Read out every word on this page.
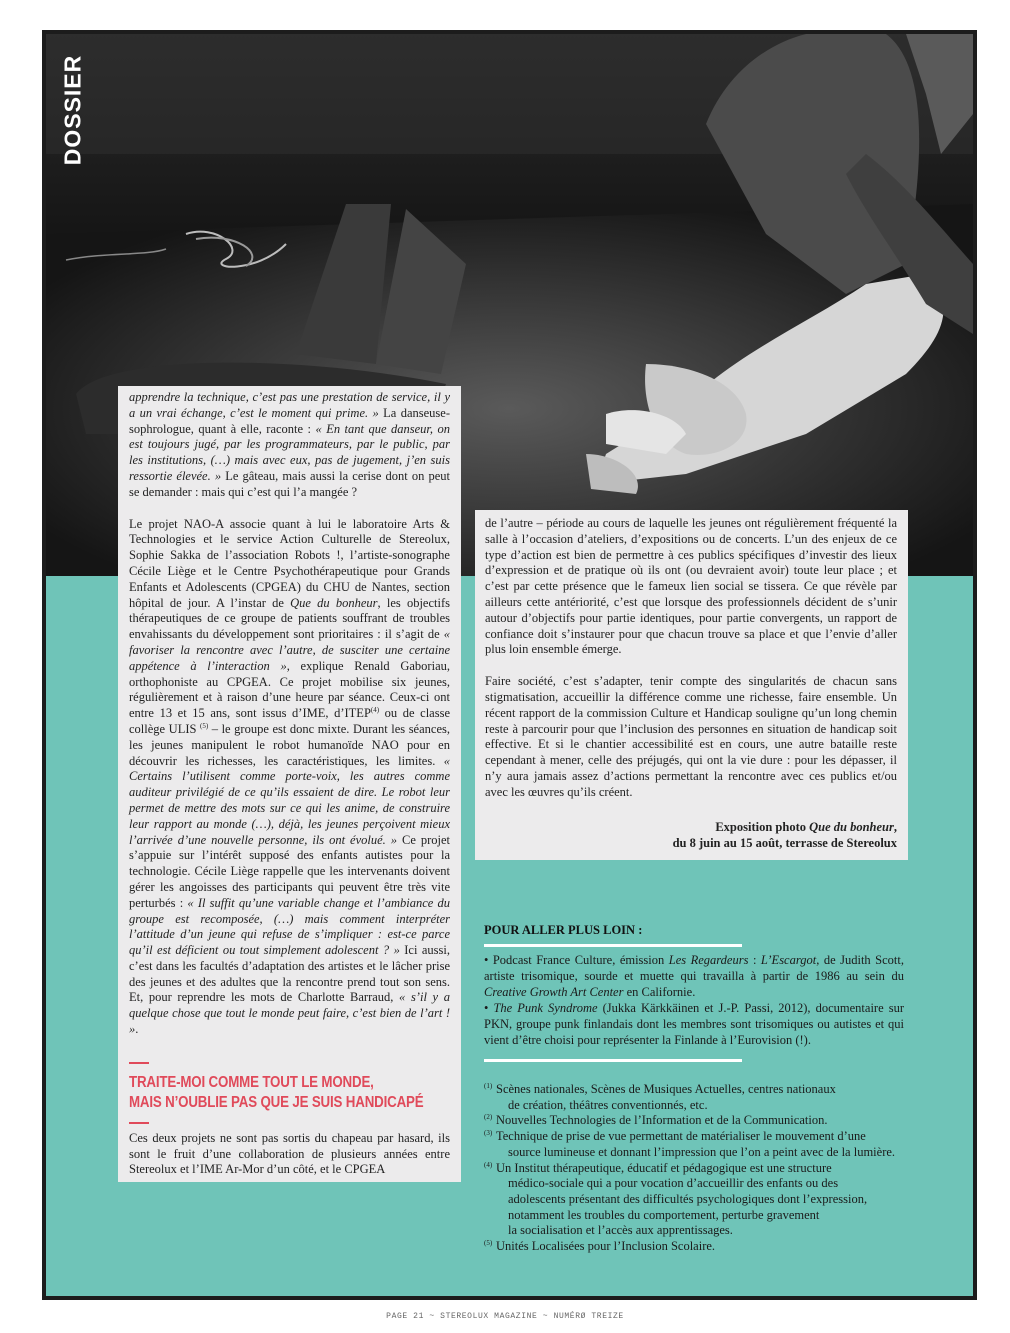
DOSSIER
apprendre la technique, c’est pas une prestation de service, il y a un vrai échange, c’est le moment qui prime. » La danseuse-sophrologue, quant à elle, raconte : « En tant que danseur, on est toujours jugé, par les programmateurs, par le public, par les institutions, (…) mais avec eux, pas de jugement, j’en suis ressortie élevée. » Le gâteau, mais aussi la cerise dont on peut se demander : mais qui c’est qui l’a mangée ?
Le projet NAO-A associe quant à lui le laboratoire Arts & Technologies et le service Action Culturelle de Stereolux, Sophie Sakka de l’association Robots !, l’artiste-sonographe Cécile Liège et le Centre Psychothérapeutique pour Grands Enfants et Adolescents (CPGEA) du CHU de Nantes, section hôpital de jour. A l’instar de Que du bonheur, les objectifs thérapeutiques de ce groupe de patients souffrant de troubles envahissants du développement sont prioritaires : il s’agit de « favoriser la rencontre avec l’autre, de susciter une certaine appétence à l’interaction », explique Renald Gaboriau, orthophoniste au CPGEA. Ce projet mobilise six jeunes, régulièrement et à raison d’une heure par séance. Ceux-ci ont entre 13 et 15 ans, sont issus d’IME, d’ITEP$^{(4)}$ ou de classe collège ULIS $^{(5)}$ – le groupe est donc mixte. Durant les séances, les jeunes manipulent le robot humanoïde NAO pour en découvrir les richesses, les caractéristiques, les limites. « Certains l’utilisent comme porte-voix, les autres comme auditeur privilégié de ce qu’ils essaient de dire. Le robot leur permet de mettre des mots sur ce qui les anime, de construire leur rapport au monde (…), déjà, les jeunes perçoivent mieux l’arrivée d’une nouvelle personne, ils ont évolué. » Ce projet s’appuie sur l’intérêt supposé des enfants autistes pour la technologie. Cécile Liège rappelle que les intervenants doivent gérer les angoisses des participants qui peuvent être très vite perturbés : « Il suffit qu’une variable change et l’ambiance du groupe est recomposée, (…) mais comment interpréter l’attitude d’un jeune qui refuse de s’impliquer : est-ce parce qu’il est déficient ou tout simplement adolescent ? » Ici aussi, c’est dans les facultés d’adaptation des artistes et le lâcher prise des jeunes et des adultes que la rencontre prend tout son sens. Et, pour reprendre les mots de Charlotte Barraud, « s’il y a quelque chose que tout le monde peut faire, c’est bien de l’art ! ».
TRAITE-MOI COMME TOUT LE MONDE,
MAIS N’OUBLIE PAS QUE JE SUIS HANDICAPÉ
Ces deux projets ne sont pas sortis du chapeau par hasard, ils sont le fruit d’une collaboration de plusieurs années entre Stereolux et l’IME Ar-Mor d’un côté, et le CPGEA
de l’autre – période au cours de laquelle les jeunes ont régulièrement fréquenté la salle à l’occasion d’ateliers, d’expositions ou de concerts. L’un des enjeux de ce type d’action est bien de permettre à ces publics spécifiques d’investir des lieux d’expression et de pratique où ils ont (ou devraient avoir) toute leur place ; et c’est par cette présence que le fameux lien social se tissera. Ce que révèle par ailleurs cette antériorité, c’est que lorsque des professionnels décident de s’unir autour d’objectifs pour partie identiques, pour partie convergents, un rapport de confiance doit s’instaurer pour que chacun trouve sa place et que l’envie d’aller plus loin ensemble émerge.
Faire société, c’est s’adapter, tenir compte des singularités de chacun sans stigmatisation, accueillir la différence comme une richesse, faire ensemble. Un récent rapport de la commission Culture et Handicap souligne qu’un long chemin reste à parcourir pour que l’inclusion des personnes en situation de handicap soit effective. Et si le chantier accessibilité est en cours, une autre bataille reste cependant à mener, celle des préjugés, qui ont la vie dure : pour les dépasser, il n’y aura jamais assez d’actions permettant la rencontre avec ces publics et/ou avec les œuvres qu’ils créent.
Exposition photo Que du bonheur,
du 8 juin au 15 août, terrasse de Stereolux
POUR ALLER PLUS LOIN :
• Podcast France Culture, émission Les Regardeurs : L’Escargot, de Judith Scott, artiste trisomique, sourde et muette qui travailla à partir de 1986 au sein du Creative Growth Art Center en Californie.
• The Punk Syndrome (Jukka Kärkkäinen et J.-P. Passi, 2012), documentaire sur PKN, groupe punk finlandais dont les membres sont trisomiques ou autistes et qui vient d’être choisi pour représenter la Finlande à l’Eurovision (!).
(1) Scènes nationales, Scènes de Musiques Actuelles, centres nationaux
de création, théâtres conventionnés, etc.
(2) Nouvelles Technologies de l’Information et de la Communication.
(3) Technique de prise de vue permettant de matérialiser le mouvement d’une
source lumineuse et donnant l’impression que l’on a peint avec de la lumière.
(4) Un Institut thérapeutique, éducatif et pédagogique est une structure
médico-sociale qui a pour vocation d’accueillir des enfants ou des
adolescents présentant des difficultés psychologiques dont l’expression,
notamment les troubles du comportement, perturbe gravement
la socialisation et l’accès aux apprentissages.
(5) Unités Localisées pour l’Inclusion Scolaire.
PAGE 21 ~ STEREOLUX MAGAZINE ~ NUMÉRØ TREIZE
